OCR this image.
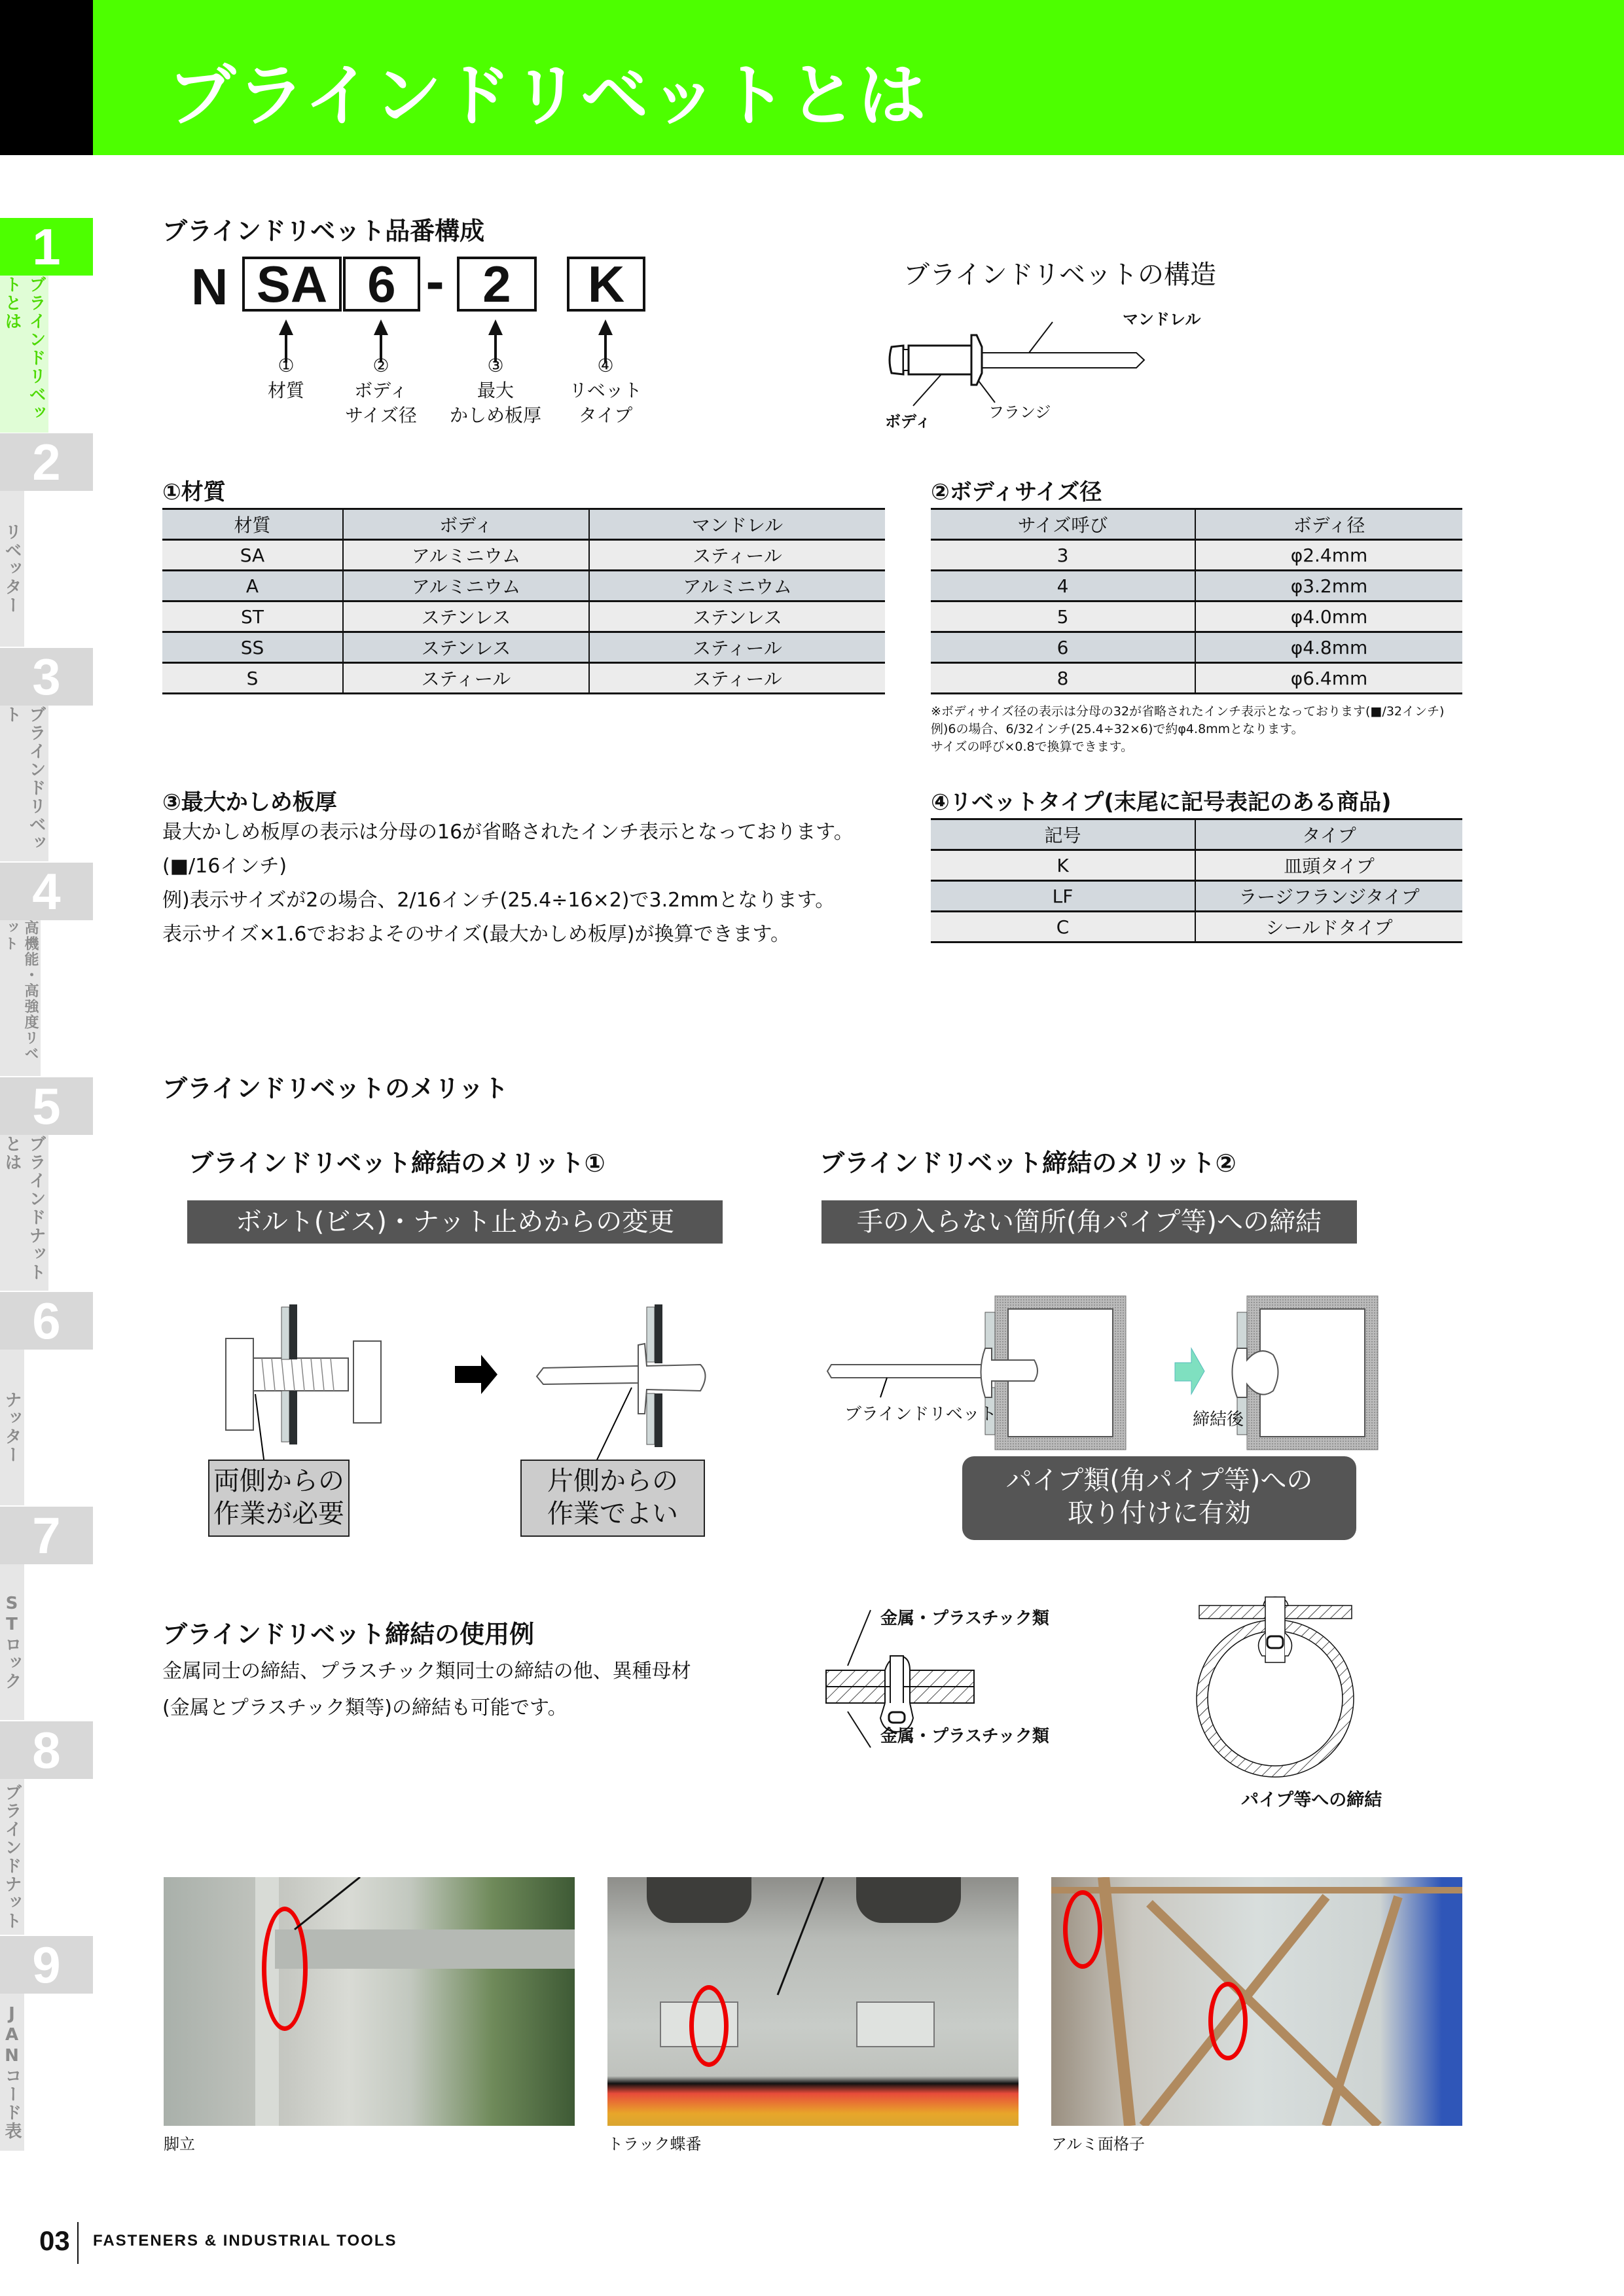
ブラインドリベットとは
1
ブラインドリベットとは
2
リベッター
3
ブラインドリベット
4
高機能・高強度リベット
5
ブラインドナットとは
6
ナッター
7
STロック
8
ブラインドナット
9
JANコード表
ブラインドリベット品番構成
N SA 6 - 2	K
①
材質
②
ボディ
サイズ径
③
最大
かしめ板厚
④
リベット
タイプ
ブラインドリベットの構造
マンドレル
ボディ	フランジ
①材質
材質	ボディ	マンドレル
SA	アルミニウム	スティール
A	アルミニウム	アルミニウム
ST	ステンレス	ステンレス
SS	ステンレス	スティール
S	スティール	スティール
②ボディサイズ径
サイズ呼び	ボディ径
3	φ2.4mm
4	φ3.2mm
5	φ4.0mm
6	φ4.8mm
8	φ6.4mm
※ボディサイズ径の表示は分母の32が省略されたインチ表示となっております(■/32インチ)
例)6の場合、6/32インチ(25.4÷32×6)で約φ4.8mmとなります。
サイズの呼び×0.8で換算できます。
③最大かしめ板厚
最大かしめ板厚の表示は分母の16が省略されたインチ表示となっております。
(■/16インチ)
例)表示サイズが2の場合、2/16インチ(25.4÷16×2)で3.2mmとなります。
表示サイズ×1.6でおおよそのサイズ(最大かしめ板厚)が換算できます。
④リベットタイプ(末尾に記号表記のある商品)
記号	タイプ
K	皿頭タイプ
LF	ラージフランジタイプ
C	シールドタイプ
ブラインドリベットのメリット
ブラインドリベット締結のメリット①
ボルト(ビス)・ナット止めからの変更
両側からの
作業が必要
片側からの
作業でよい
ブラインドリベット締結のメリット②
手の入らない箇所(角パイプ等)への締結
ブラインドリベット	締結後
パイプ類(角パイプ等)への
取り付けに有効
ブラインドリベット締結の使用例
金属同士の締結、プラスチック類同士の締結の他、異種母材
(金属とプラスチック類等)の締結も可能です。
金属・プラスチック類
金属・プラスチック類
パイプ等への締結
脚立	トラック蝶番	アルミ面格子
03 FASTENERS & INDUSTRIAL TOOLS
